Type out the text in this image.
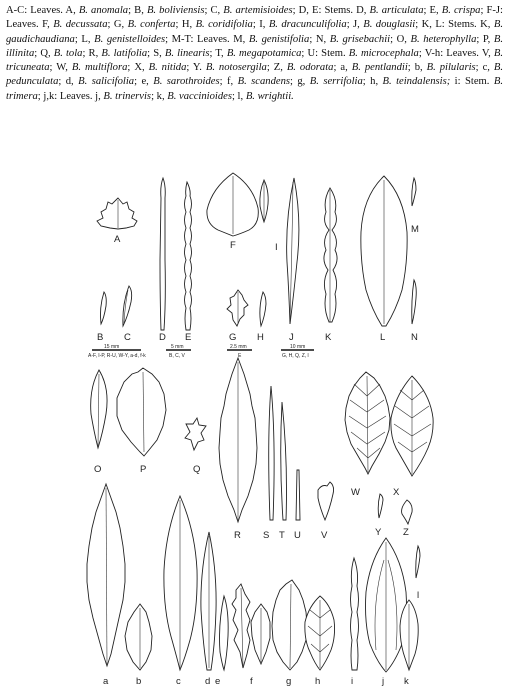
A-C: Leaves. A, B. anomala; B, B. boliviensis; C, B. artemisioides; D, E: Stems. D, B. articulata; E, B. crispa; F-J: Leaves. F, B. decussata; G, B. conferta; H, B. coridifolia; I, B. dracunculifolia; J, B. douglasii; K, L: Stems. K, B. gaudichaudiana; L, B. genistelloides; M-T: Leaves. M, B. genistifolia; N, B. grisebachii; O, B. heterophylla; P, B. illinita; Q, B. tola; R, B. latifolia; S, B. linearis; T, B. megapotamica; U: Stem. B. microcephala; V-h: Leaves. V, B. tricuneata; W, B. multiflora; X, B. nitida; Y. B. notosergila; Z, B. odorata; a, B. pentlandii; b, B. pilularis; c, B. pedunculata; d, B. salicifolia; e, B. sarothroides; f, B. scandens; g, B. serrifolia; h, B. teindalensis; i: Stem. B. trimera; j,k: Leaves. j, B. trinervis; k, B. vaccinioides; l, B. wrightii.
A
B C	D E
F
G H
I
J	K	L
M
N
15 mm
A-F, I-P, R-U, W-Y, a-d, f-k
5 mm
B, C, V
2.5 mm
E
10 mm
G, H, Q, Z, l
O	P	Q
R S T U V
W	X
Y Z
a	b	c	d e	f	g h	i	j k
l
